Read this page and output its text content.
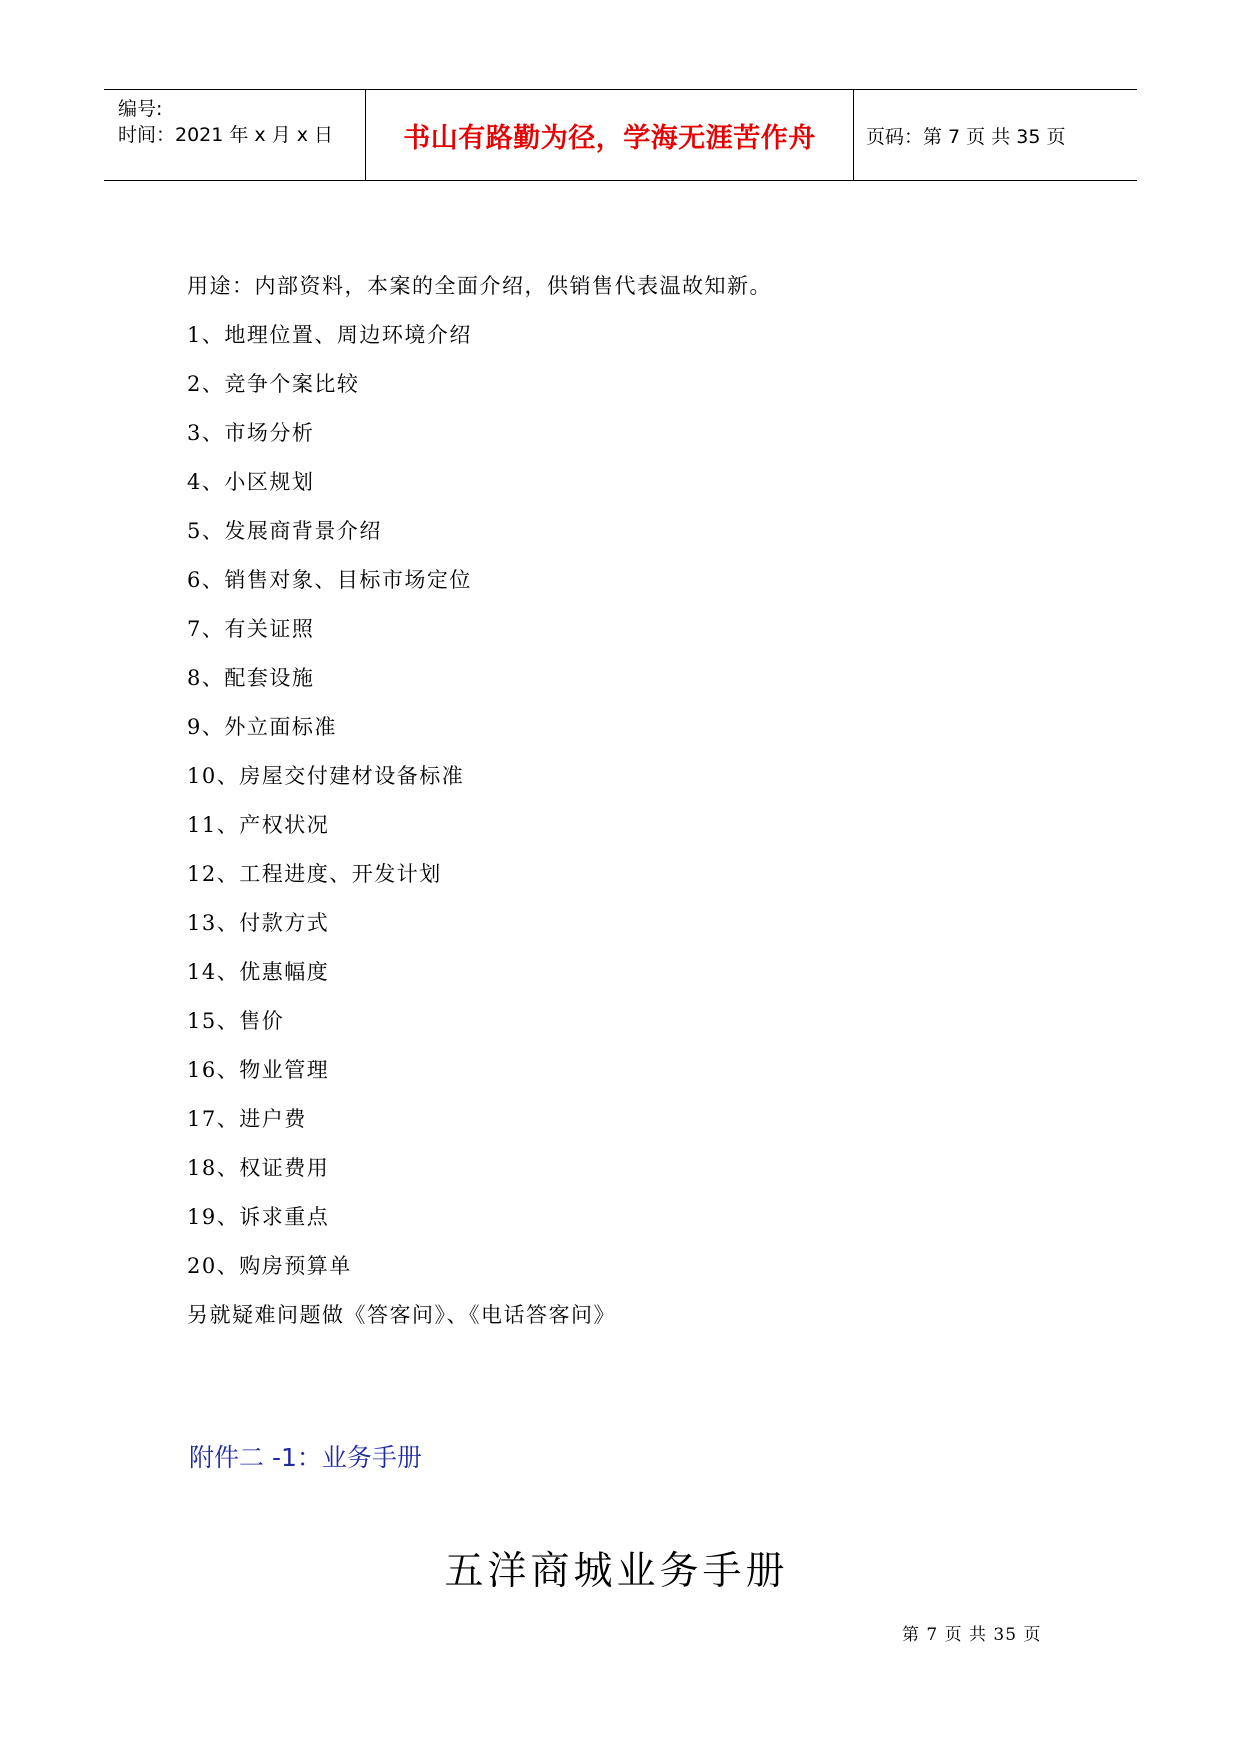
编号:
时间：2021 年 x 月 x 日	书山有路勤为径，学海无涯苦作舟	页码：第 7 页 共 35 页
用途：内部资料，本案的全面介绍，供销售代表温故知新。
1、地理位置、周边环境介绍
2、竞争个案比较
3、市场分析
4、小区规划
5、发展商背景介绍
6、销售对象、目标市场定位
7、有关证照
8、配套设施
9、外立面标准
10、房屋交付建材设备标准
11、产权状况
12、工程进度、开发计划
13、付款方式
14、优惠幅度
15、售价
16、物业管理
17、进户费
18、权证费用
19、诉求重点
20、购房预算单
另就疑难问题做《答客问》、《电话答客问》
附件二 -1：业务手册
五洋商城业务手册
第 7 页 共 35 页
